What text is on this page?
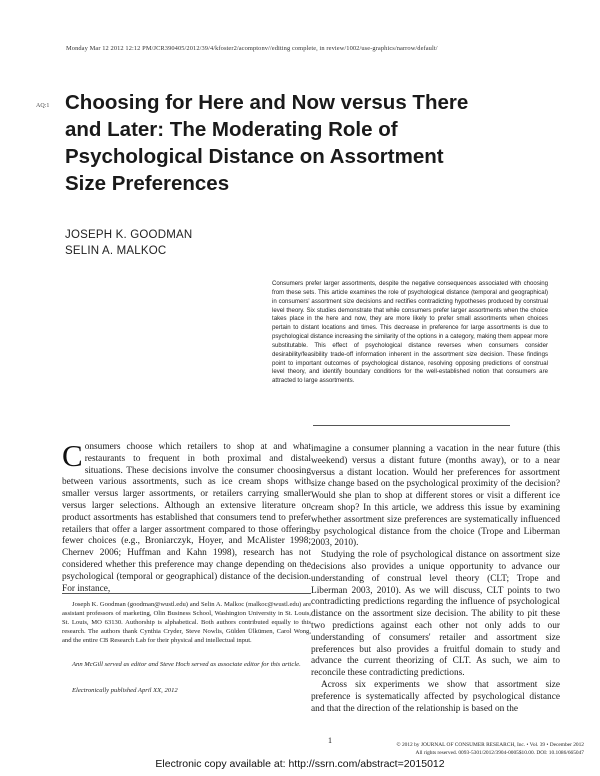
Monday Mar 12 2012 12:12 PM/JCR390405/2012/39/4/kfoster2/acomptonv//editing complete, in review/1002/use-graphics/narrow/default/
AQ:1 Choosing for Here and Now versus There and Later: The Moderating Role of Psychological Distance on Assortment Size Preferences
JOSEPH K. GOODMAN
SELIN A. MALKOC
Consumers prefer larger assortments, despite the negative consequences associated with choosing from these sets. This article examines the role of psychological distance (temporal and geographical) in consumers' assortment size decisions and rectifies contradicting hypotheses produced by construal level theory. Six studies demonstrate that while consumers prefer larger assortments when the choice takes place in the here and now, they are more likely to prefer small assortments when choices pertain to distant locations and times. This decrease in preference for large assortments is due to psychological distance increasing the similarity of the options in a category, making them appear more substitutable. This effect of psychological distance reverses when consumers consider desirability/feasibility trade-off information inherent in the assortment size decision. These findings point to important outcomes of psychological distance, resolving opposing predictions of construal level theory, and identify boundary conditions for the well-established notion that consumers are attracted to large assortments.

Consumers choose which retailers to shop at and what restaurants to frequent in both proximal and distal situations. These decisions involve the consumer choosing between various assortments, such as ice cream shops with smaller versus larger assortments, or retailers carrying smaller versus larger selections. Although an extensive literature on product assortments has established that consumers tend to prefer retailers that offer a larger assortment compared to those offering fewer choices (e.g., Broniarczyk, Hoyer, and McAlister 1998; Chernev 2006; Huffman and Kahn 1998), research has not considered whether this preference may change depending on the psychological (temporal or geographical) distance of the decision. For instance,

imagine a consumer planning a vacation in the near future (this weekend) versus a distant future (months away), or to a near versus a distant location. Would her preferences for assortment size change based on the psychological proximity of the decision? Would she plan to shop at different stores or visit a different ice cream shop? In this article, we address this issue by examining whether assortment size preferences are systematically influenced by psychological distance from the choice (Trope and Liberman 2003, 2010).

Studying the role of psychological distance on assortment size decisions also provides a unique opportunity to advance our understanding of construal level theory (CLT; Trope and Liberman 2003, 2010). As we will discuss, CLT points to two contradicting predictions regarding the influence of psychological distance on the assortment size decision. The ability to pit these two predictions against each other not only adds to our understanding of consumers' retailer and assortment size preferences but also provides a fruitful domain to study and advance the current theorizing of CLT. As such, we aim to reconcile these contradicting predictions.

Across six experiments we show that assortment size preference is systematically affected by psychological distance and that the direction of the relationship is based on the

Joseph K. Goodman (goodman@wustl.edu) and Selin A. Malkoc (malkoc@wustl.edu) are assistant professors of marketing, Olin Business School, Washington University in St. Louis, St. Louis, MO 63130. Authorship is alphabetical. Both authors contributed equally to this research. The authors thank Cynthia Cryder, Steve Nowlis, Gülden Ülkümen, Carol Wong, and the entire CB Research Lab for their physical and intellectual input.

Ann McGill served as editor and Steve Hoch served as associate editor for this article.

Electronically published April XX, 2012

1	© 2012 by JOURNAL OF CONSUMER RESEARCH, Inc. • Vol. 39 • December 2012
All rights reserved. 0093-5301/2012/3904-0005$10.00. DOI: 10.1086/665047
Electronic copy available at: http://ssrn.com/abstract=2015012
